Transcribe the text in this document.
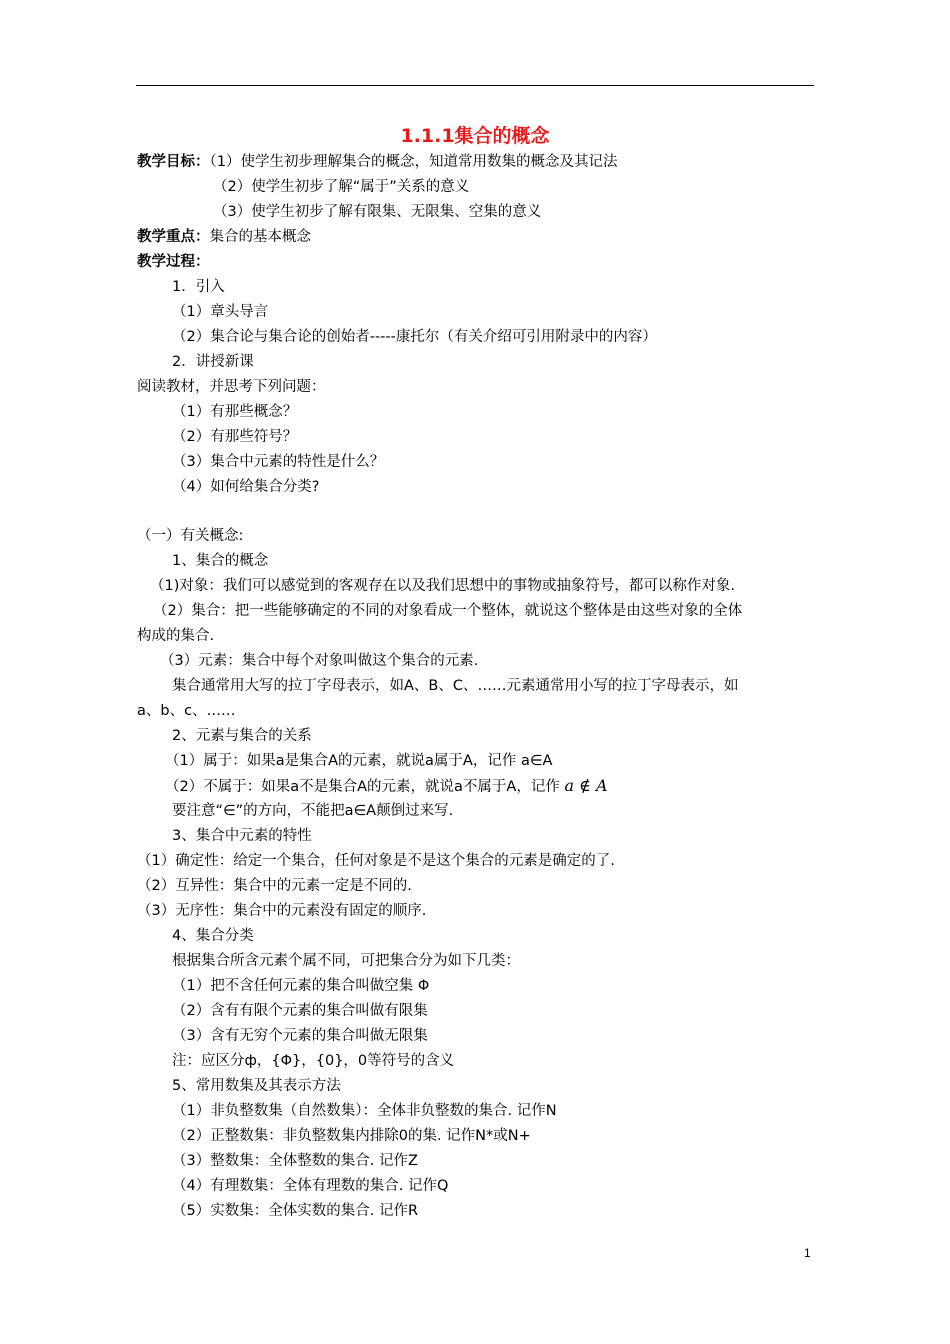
1.1.1集合的概念
教学目标：（1）使学生初步理解集合的概念，知道常用数集的概念及其记法
（2）使学生初步了解“属于”关系的意义
（3）使学生初步了解有限集、无限集、空集的意义
教学重点：集合的基本概念
教学过程：
1．引入
（1）章头导言
（2）集合论与集合论的创始者-----康托尔（有关介绍可引用附录中的内容）
2．讲授新课
阅读教材，并思考下列问题：
（1）有那些概念？
（2）有那些符号？
（3）集合中元素的特性是什么？
（4）如何给集合分类?
（一）有关概念:
1、集合的概念
（1)对象：我们可以感觉到的客观存在以及我们思想中的事物或抽象符号，都可以称作对象.
（2）集合：把一些能够确定的不同的对象看成一个整体，就说这个整体是由这些对象的全体
构成的集合.
（3）元素：集合中每个对象叫做这个集合的元素.
集合通常用大写的拉丁字母表示，如A、B、C、……元素通常用小写的拉丁字母表示，如
a、b、c、……
2、元素与集合的关系
（1）属于：如果a是集合A的元素，就说a属于A，记作 a∈A
（2）不属于：如果a不是集合A的元素，就说a不属于A，记作 a ∉ A
要注意“∈”的方向，不能把a∈A颠倒过来写.
3、集合中元素的特性
（1）确定性：给定一个集合，任何对象是不是这个集合的元素是确定的了.
（2）互异性：集合中的元素一定是不同的.
（3）无序性：集合中的元素没有固定的顺序.
4、集合分类
根据集合所含元素个属不同，可把集合分为如下几类：
（1）把不含任何元素的集合叫做空集 Φ
（2）含有有限个元素的集合叫做有限集
（3）含有无穷个元素的集合叫做无限集
注：应区分ф，{Φ}，{0}，0等符号的含义
5、常用数集及其表示方法
（1）非负整数集（自然数集）：全体非负整数的集合. 记作N
（2）正整数集：非负整数集内排除0的集. 记作N*或N+
（3）整数集：全体整数的集合. 记作Z
（4）有理数集：全体有理数的集合. 记作Q
（5）实数集：全体实数的集合. 记作R
1
